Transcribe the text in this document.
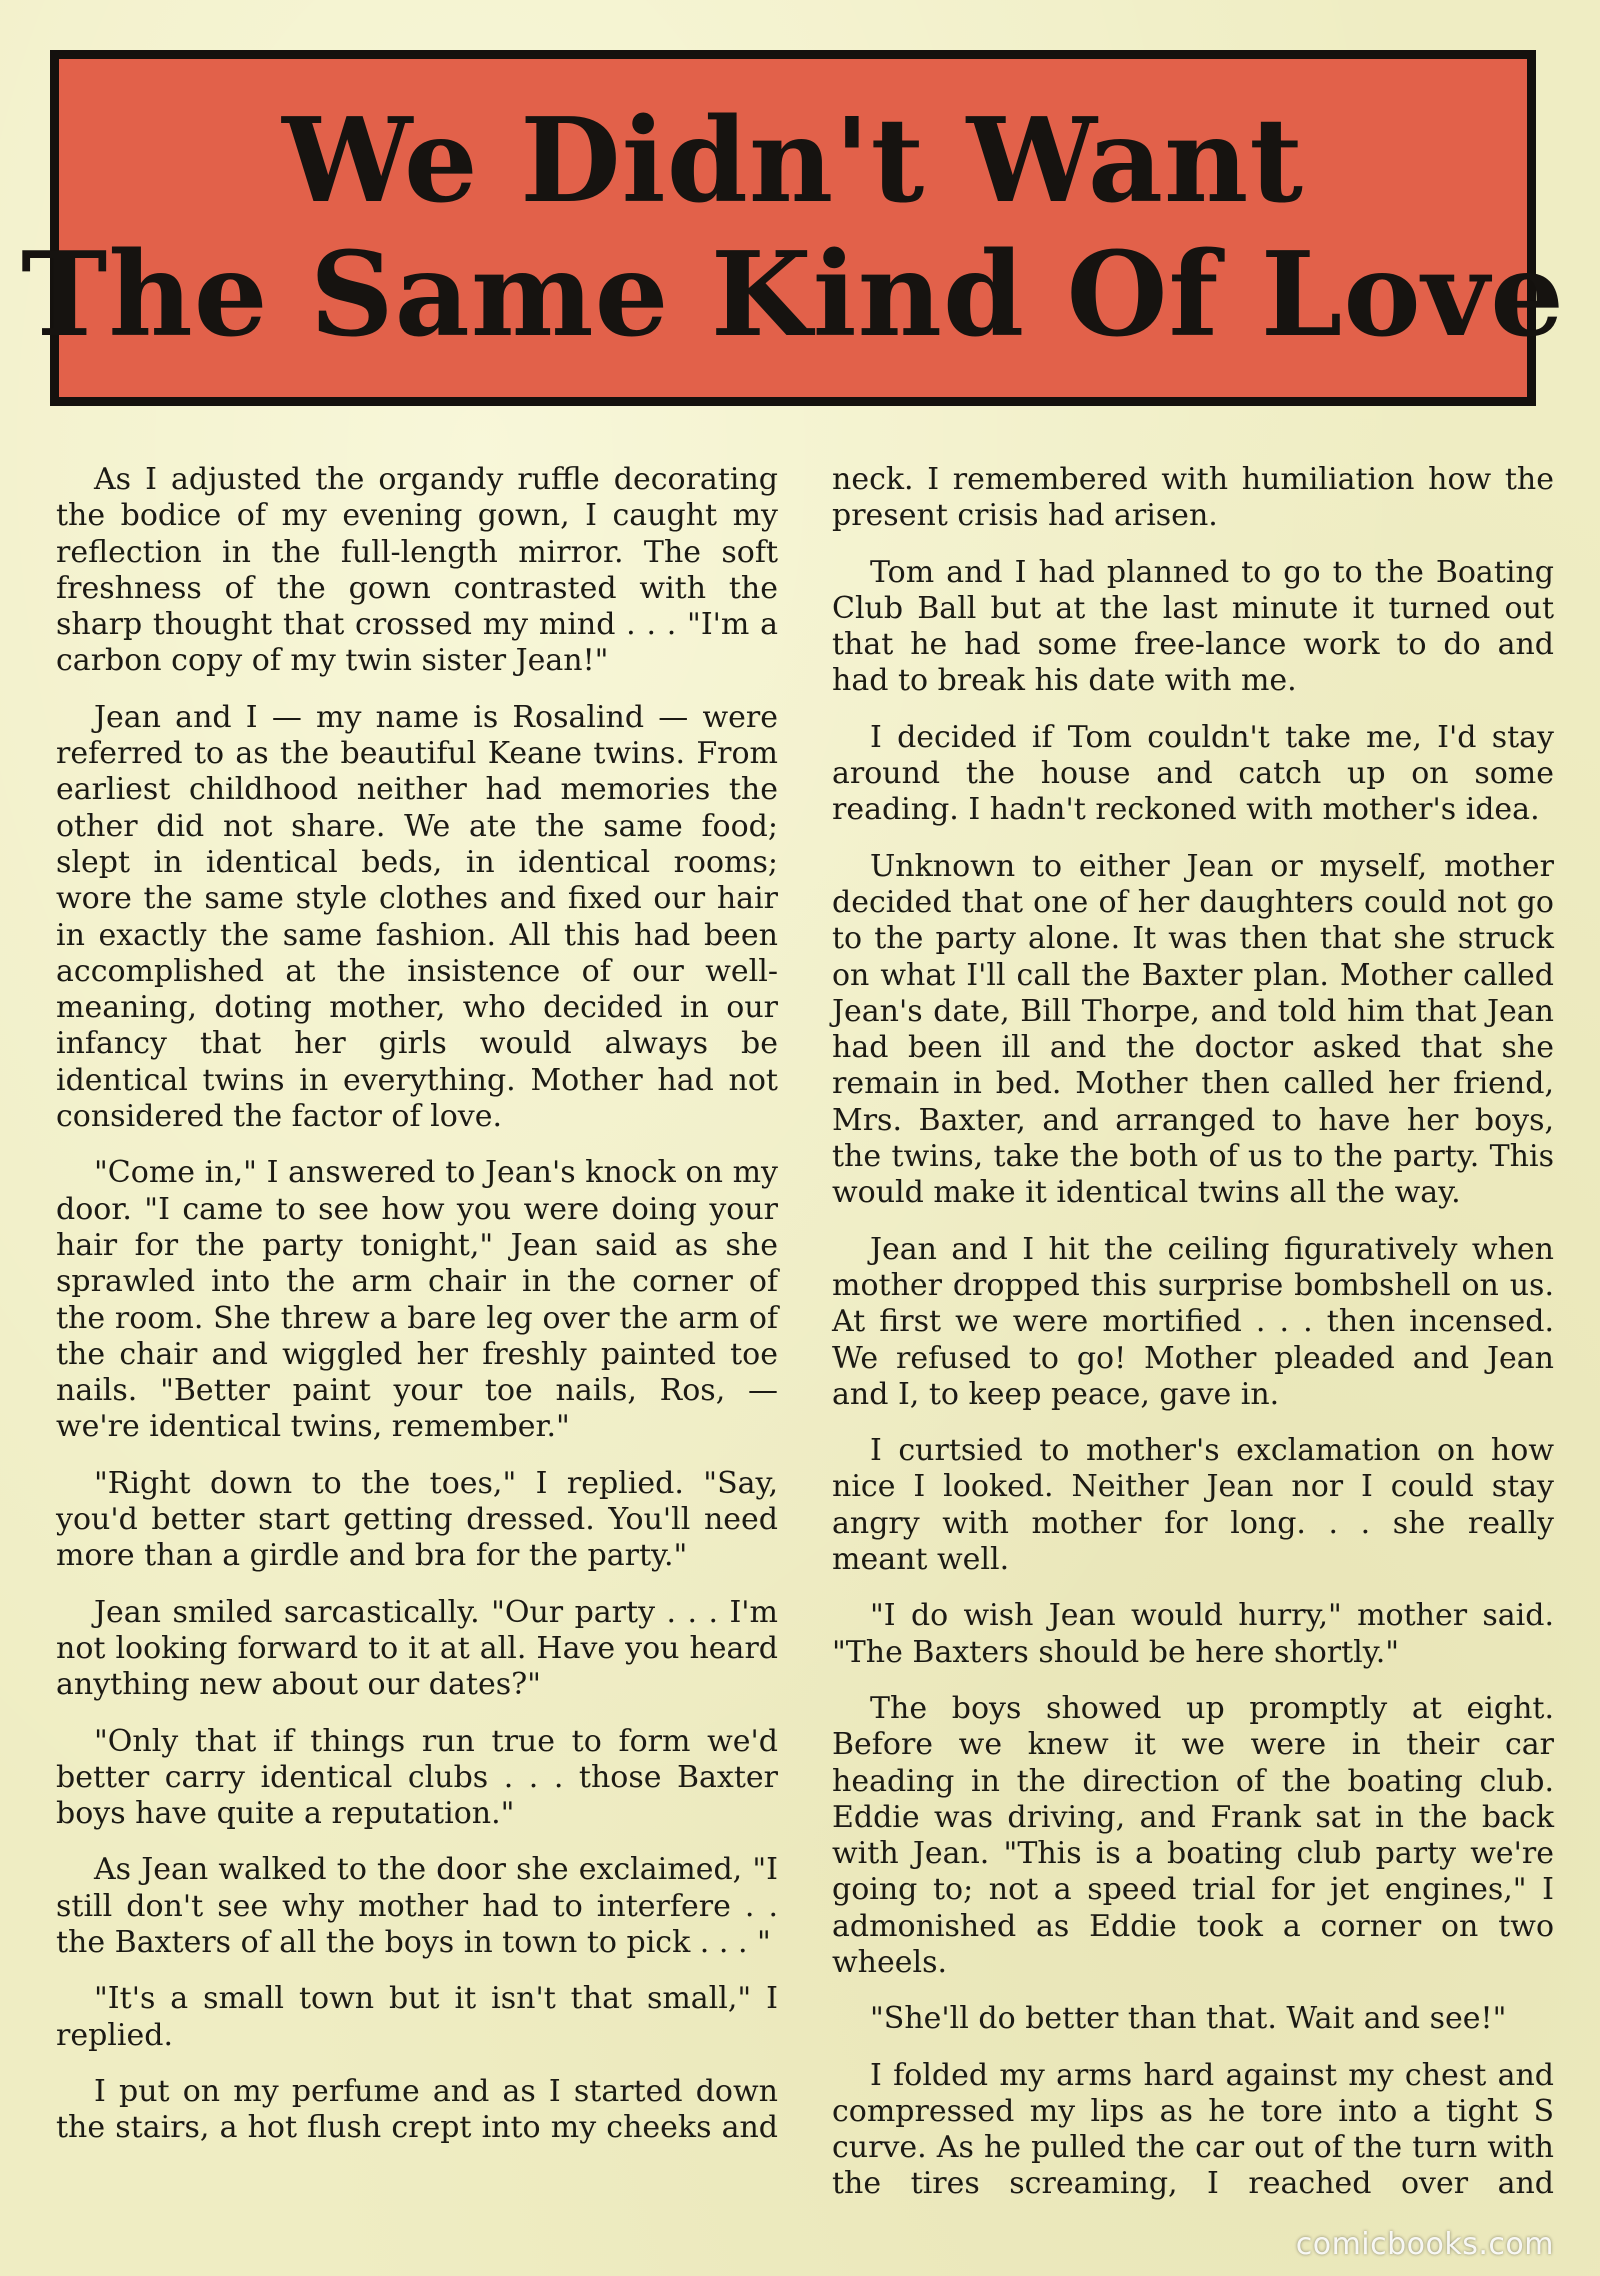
We Didn't Want
The Same Kind Of Love

As I adjusted the organdy ruffle decorating the bodice of my evening gown, I caught my reflection in the full-length mirror. The soft freshness of the gown contrasted with the sharp thought that crossed my mind . . . "I'm a carbon copy of my twin sister Jean!"

Jean and I — my name is Rosalind — were referred to as the beautiful Keane twins. From earliest childhood neither had memories the other did not share. We ate the same food; slept in identical beds, in identical rooms; wore the same style clothes and fixed our hair in exactly the same fashion. All this had been accomplished at the insistence of our well-meaning, doting mother, who decided in our infancy that her girls would always be identical twins in everything. Mother had not considered the factor of love.

"Come in," I answered to Jean's knock on my door. "I came to see how you were doing your hair for the party tonight," Jean said as she sprawled into the arm chair in the corner of the room. She threw a bare leg over the arm of the chair and wiggled her freshly painted toe nails. "Better paint your toe nails, Ros, — we're identical twins, remember."

"Right down to the toes," I replied. "Say, you'd better start getting dressed. You'll need more than a girdle and bra for the party."

Jean smiled sarcastically. "Our party . . . I'm not looking forward to it at all. Have you heard anything new about our dates?"

"Only that if things run true to form we'd better carry identical clubs . . . those Baxter boys have quite a reputation."

As Jean walked to the door she exclaimed, "I still don't see why mother had to interfere . . the Baxters of all the boys in town to pick . . . "

"It's a small town but it isn't that small," I replied.

I put on my perfume and as I started down the stairs, a hot flush crept into my cheeks and

neck. I remembered with humiliation how the present crisis had arisen.

Tom and I had planned to go to the Boating Club Ball but at the last minute it turned out that he had some free-lance work to do and had to break his date with me.

I decided if Tom couldn't take me, I'd stay around the house and catch up on some reading. I hadn't reckoned with mother's idea.

Unknown to either Jean or myself, mother decided that one of her daughters could not go to the party alone. It was then that she struck on what I'll call the Baxter plan. Mother called Jean's date, Bill Thorpe, and told him that Jean had been ill and the doctor asked that she remain in bed. Mother then called her friend, Mrs. Baxter, and arranged to have her boys, the twins, take the both of us to the party. This would make it identical twins all the way.

Jean and I hit the ceiling figuratively when mother dropped this surprise bombshell on us. At first we were mortified . . . then incensed. We refused to go! Mother pleaded and Jean and I, to keep peace, gave in.

I curtsied to mother's exclamation on how nice I looked. Neither Jean nor I could stay angry with mother for long. . . she really meant well.

"I do wish Jean would hurry," mother said. "The Baxters should be here shortly."

The boys showed up promptly at eight. Before we knew it we were in their car heading in the direction of the boating club. Eddie was driving, and Frank sat in the back with Jean. "This is a boating club party we're going to; not a speed trial for jet engines," I admonished as Eddie took a corner on two wheels.

"She'll do better than that. Wait and see!"

I folded my arms hard against my chest and compressed my lips as he tore into a tight S curve. As he pulled the car out of the turn with the tires screaming, I reached over and

comicbooks.com
